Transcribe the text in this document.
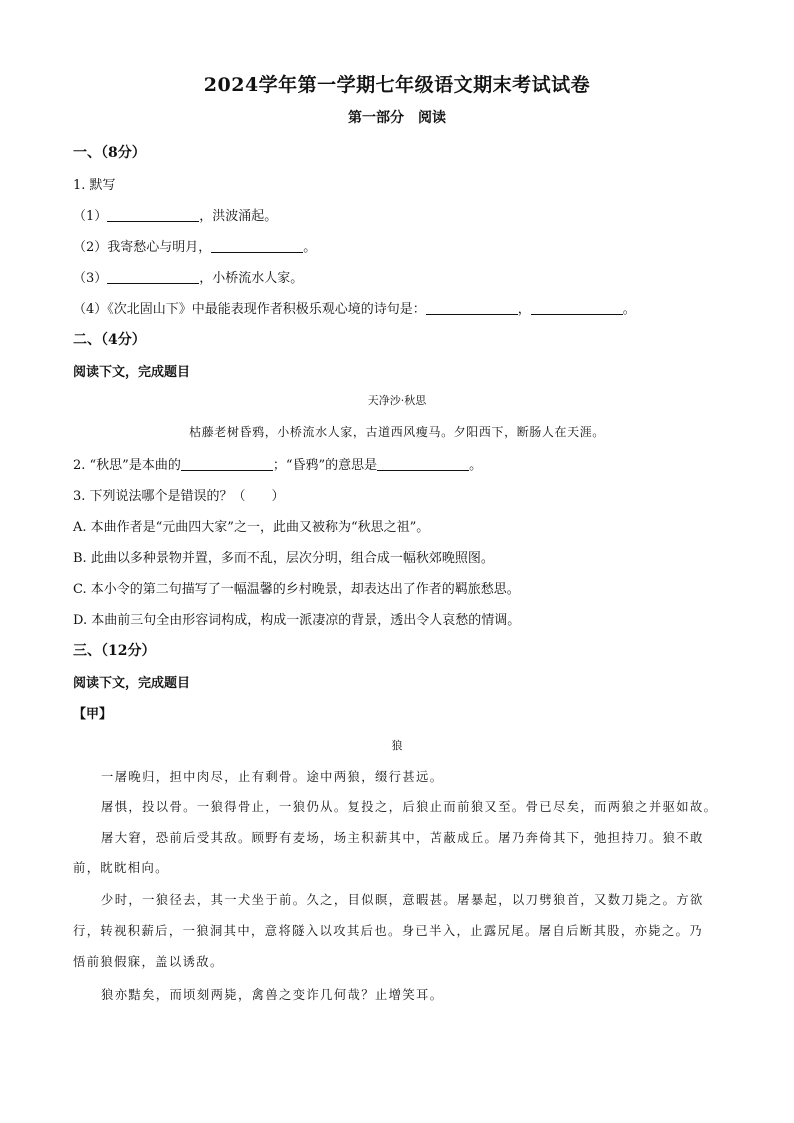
2024学年第一学期七年级语文期末考试试卷
第一部分　阅读
一、（8分）
1. 默写
（1）	，洪波涌起。
（2）我寄愁心与明月，	。
（3）	，小桥流水人家。
（4）《次北固山下》中最能表现作者积极乐观心境的诗句是：	，	。
二、（4分）
阅读下文，完成题目
天净沙·秋思
枯藤老树昏鸦，小桥流水人家，古道西风瘦马。夕阳西下，断肠人在天涯。
2. “秋思”是本曲的	；“昏鸦”的意思是	。
3. 下列说法哪个是错误的？（　　）
A. 本曲作者是“元曲四大家”之一，此曲又被称为“秋思之祖”。
B. 此曲以多种景物并置，多而不乱，层次分明，组合成一幅秋郊晚照图。
C. 本小令的第二句描写了一幅温馨的乡村晚景，却表达出了作者的羁旅愁思。
D. 本曲前三句全由形容词构成，构成一派凄凉的背景，透出令人哀愁的情调。
三、（12分）
阅读下文，完成题目
【甲】
狼
一屠晚归，担中肉尽，止有剩骨。途中两狼，缀行甚远。
屠惧，投以骨。一狼得骨止，一狼仍从。复投之，后狼止而前狼又至。骨已尽矣，而两狼之并驱如故。
屠大窘，恐前后受其敌。顾野有麦场，场主积薪其中，苫蔽成丘。屠乃奔倚其下，弛担持刀。狼不敢
前，眈眈相向。
少时，一狼径去，其一犬坐于前。久之，目似瞑，意暇甚。屠暴起，以刀劈狼首，又数刀毙之。方欲
行，转视积薪后，一狼洞其中，意将隧入以攻其后也。身已半入，止露尻尾。屠自后断其股，亦毙之。乃
悟前狼假寐，盖以诱敌。
狼亦黠矣，而顷刻两毙，禽兽之变诈几何哉？止增笑耳。
